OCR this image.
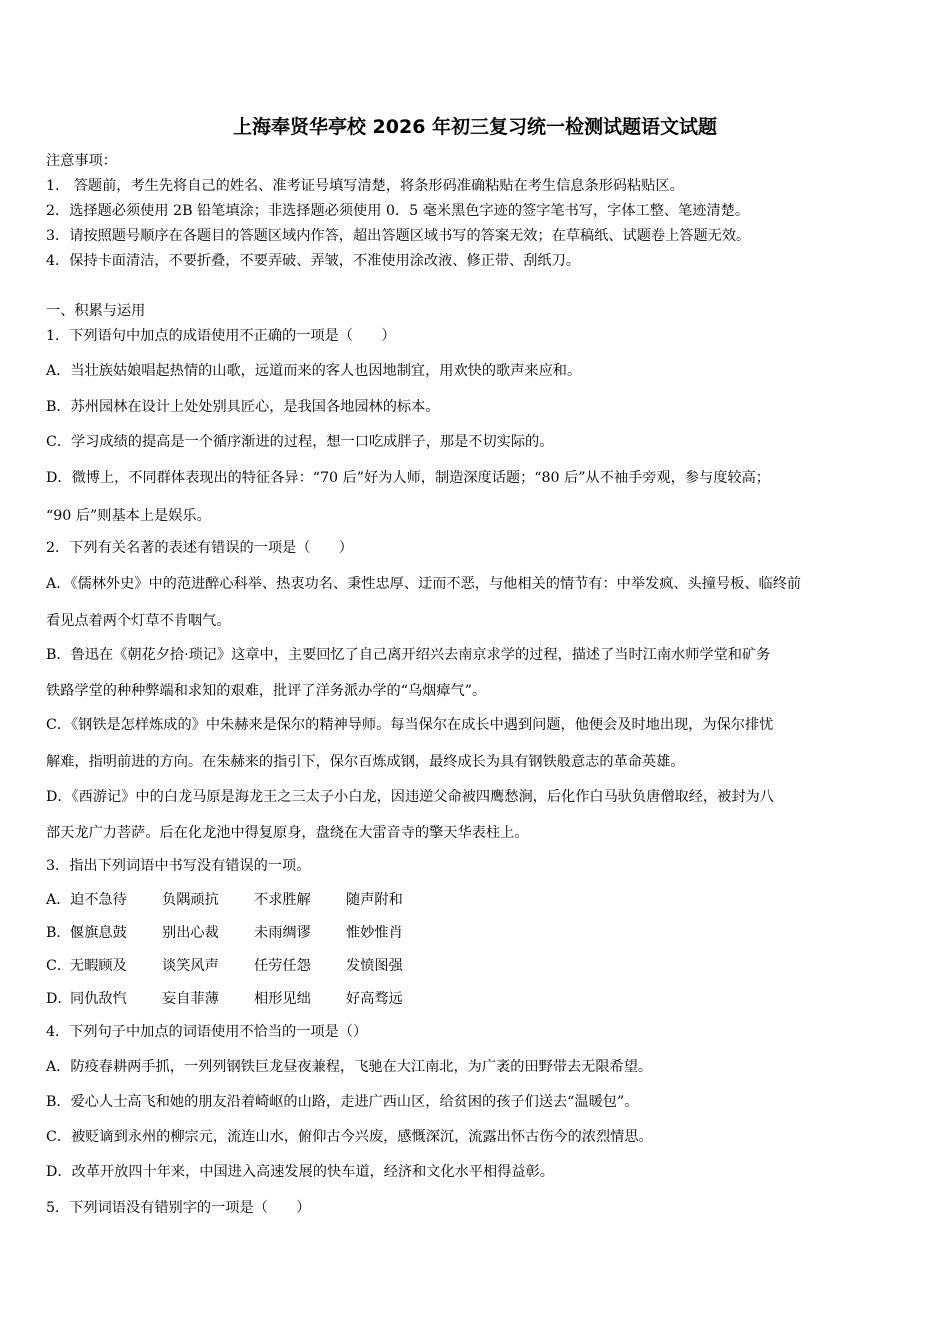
上海奉贤华亭校 2026 年初三复习统一检测试题语文试题
注意事项：
1.　答题前，考生先将自己的姓名、准考证号填写清楚，将条形码准确粘贴在考生信息条形码粘贴区。
2．选择题必须使用 2B 铅笔填涂；非选择题必须使用 0．5 毫米黑色字迹的签字笔书写，字体工整、笔迹清楚。
3．请按照题号顺序在各题目的答题区域内作答，超出答题区域书写的答案无效；在草稿纸、试题卷上答题无效。
4．保持卡面清洁，不要折叠，不要弄破、弄皱，不准使用涂改液、修正带、刮纸刀。
一、积累与运用
1．下列语句中加点的成语使用不正确的一项是（　　）
A．当壮族姑娘唱起热情的山歌，远道而来的客人也因地制宜，用欢快的歌声来应和。
B．苏州园林在设计上处处别具匠心，是我国各地园林的标本。
C．学习成绩的提高是一个循序渐进的过程，想一口吃成胖子，那是不切实际的。
D．微博上，不同群体表现出的特征各异：“70 后”好为人师，制造深度话题；“80 后”从不袖手旁观，参与度较高；
“90 后”则基本上是娱乐。
2．下列有关名著的表述有错误的一项是（　　）
A．《儒林外史》中的范进醉心科举、热衷功名、秉性忠厚、迂而不恶，与他相关的情节有：中举发疯、头撞号板、临终前
看见点着两个灯草不肯咽气。
B．鲁迅在《朝花夕拾·琐记》这章中，主要回忆了自己离开绍兴去南京求学的过程，描述了当时江南水师学堂和矿务
铁路学堂的种种弊端和求知的艰难，批评了洋务派办学的“乌烟瘴气”。
C．《钢铁是怎样炼成的》中朱赫来是保尔的精神导师。每当保尔在成长中遇到问题，他便会及时地出现，为保尔排忧
解难，指明前进的方向。在朱赫来的指引下，保尔百炼成钢，最终成长为具有钢铁般意志的革命英雄。
D．《西游记》中的白龙马原是海龙王之三太子小白龙，因违逆父命被四鹰愁涧，后化作白马驮负唐僧取经，被封为八
部天龙广力菩萨。后在化龙池中得复原身，盘绕在大雷音寺的擎天华表柱上。
3．指出下列词语中书写没有错误的一项。
A．迫不急待 负隅顽抗 不求胜解 随声附和
B．偃旗息鼓 别出心裁 未雨绸谬 惟妙惟肖
C．无暇顾及 谈笑风声 任劳任怨 发愤图强
D．同仇敌忾 妄自菲薄 相形见绌 好高骛远
4．下列句子中加点的词语使用不恰当的一项是（）
A．防疫春耕两手抓，一列列钢铁巨龙昼夜兼程，飞驰在大江南北，为广袤的田野带去无限希望。
B．爱心人士高飞和她的朋友沿着崎岖的山路，走进广西山区，给贫困的孩子们送去“温暖包”。
C．被贬谪到永州的柳宗元，流连山水，俯仰古今兴废，感慨深沉，流露出怀古伤今的浓烈情思。
D．改革开放四十年来，中国进入高速发展的快车道，经济和文化水平相得益彰。
5．下列词语没有错别字的一项是（　　）
